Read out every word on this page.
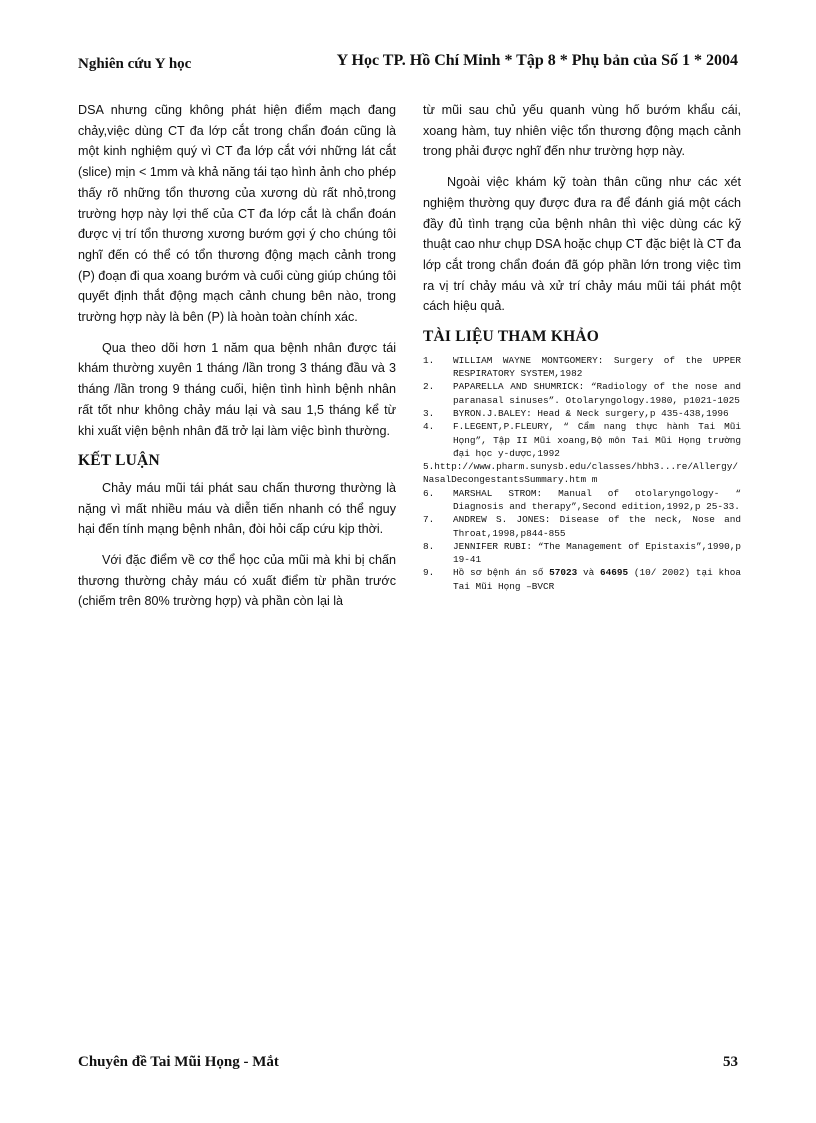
Nghiên cứu Y học	Y Học TP. Hồ Chí Minh * Tập 8 * Phụ bản của Số 1 * 2004

DSA nhưng cũng không phát hiện điểm mạch đang chảy,việc dùng CT đa lớp cắt trong chẩn đoán cũng là một kinh nghiệm quý vì CT đa lớp cắt với những lát cắt (slice) mịn < 1mm và khả năng tái tạo hình ảnh cho phép thấy rõ những tổn thương của xương dù rất nhỏ,trong trường hợp này lợi thế của CT đa lớp cắt là chẩn đoán được vị trí tổn thương xương bướm gợi ý cho chúng tôi nghĩ đến có thể có tổn thương động mạch cảnh trong (P) đoạn đi qua xoang bướm và cuối cùng giúp chúng tôi quyết định thắt động mạch cảnh chung bên nào, trong trường hợp này là bên (P) là hoàn toàn chính xác.

Qua theo dõi hơn 1 năm qua bệnh nhân được tái khám thường xuyên 1 tháng /lần trong 3 tháng đầu và 3 tháng /lần trong 9 tháng cuối, hiện tình hình bệnh nhân rất tốt như không chảy máu lại và sau 1,5 tháng kể từ khi xuất viện bệnh nhân đã trở lại làm việc bình thường.

KẾT LUẬN

Chảy máu mũi tái phát sau chấn thương thường là nặng vì mất nhiều máu và diễn tiến nhanh có thể nguy hại đến tính mạng bệnh nhân, đòi hỏi cấp cứu kịp thời.

Với đặc điểm về cơ thể học của mũi mà khi bị chấn thương thường chảy máu có xuất điểm từ phần trước (chiếm trên 80% trường hợp) và phần còn lại là

từ mũi sau chủ yếu quanh vùng hố bướm khẩu cái, xoang hàm, tuy nhiên việc tổn thương động mạch cảnh trong phải được nghĩ đến như trường hợp này.

Ngoài việc khám kỹ toàn thân cũng như các xét nghiệm thường quy được đưa ra để đánh giá một cách đầy đủ tình trạng của bệnh nhân thì việc dùng các kỹ thuật cao như chụp DSA hoặc chụp CT đặc biệt là CT đa lớp cắt trong chẩn đoán đã góp phần lớn trong việc tìm ra vị trí chảy máu và xử trí chảy máu mũi tái phát một cách hiệu quả.

TÀI LIỆU THAM KHẢO
1. WILLIAM WAYNE MONTGOMERY: Surgery of the UPPER RESPIRATORY SYSTEM,1982
2. PAPARELLA AND SHUMRICK: “Radiology of the nose and paranasal sinuses”. Otolaryngology.1980, p1021-1025
3. BYRON.J.BALEY: Head & Neck surgery,p 435-438,1996
4. F.LEGENT,P.FLEURY, “ Cẩm nang thực hành Tai Mũi Họng”, Tập II Mũi xoang,Bộ môn Tai Mũi Họng trường đại học y-dược,1992
5.http://www.pharm.sunysb.edu/classes/hbh3...re/Allergy/NasalDecongestantsSummary.htm m
6. MARSHAL STROM: Manual of otolaryngology- “ Diagnosis and therapy”,Second edition,1992,p 25-33.
7. ANDREW S. JONES: Disease of the neck, Nose and Throat,1998,p844-855
8. JENNIFER RUBI: “The Management of Epistaxis”,1990,p 19-41
9. Hồ sơ bệnh án số 57023 và 64695 (10/ 2002) tại khoa Tai Mũi Họng –BVCR
Chuyên đề Tai Mũi Họng - Mắt	53
